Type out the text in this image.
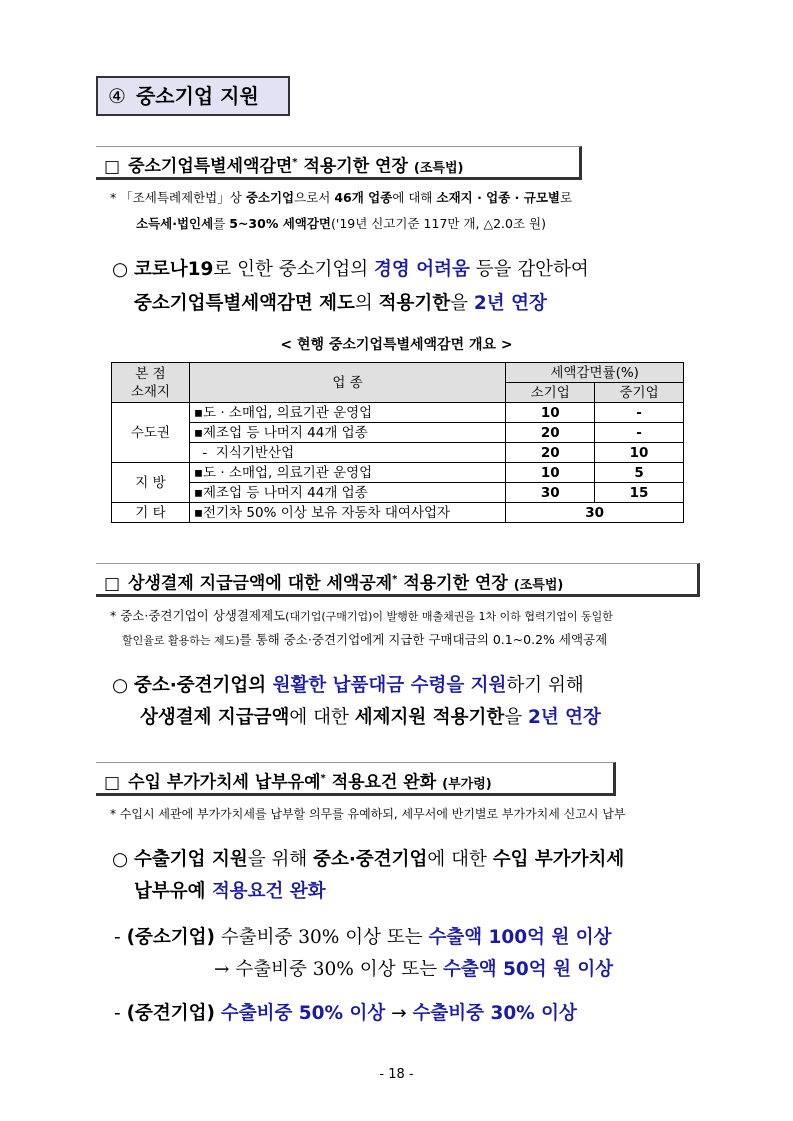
④ 중소기업 지원
□ 중소기업특별세액감면* 적용기한 연장 (조특법)
* 「조세특례제한법」상 중소기업으로서 46개 업종에 대해 소재지 · 업종 · 규모별로
소득세·법인세를 5~30% 세액감면('19년 신고기준 117만 개, △2.0조 원)
○ 코로나19로 인한 중소기업의 경영 어려움 등을 감안하여
중소기업특별세액감면 제도의 적용기한을 2년 연장
< 현행 중소기업특별세액감면 개요 >
본 점
소재지	업 종	세액감면률(%)	
		소기업	중기업
수도권	▪도 · 소매업, 의료기관 운영업	10	-
	▪제조업 등 나머지 44개 업종	20	-
	-  지식기반산업	20	10
지 방	▪도 · 소매업, 의료기관 운영업	10	5
	▪제조업 등 나머지 44개 업종	30	15
기 타	▪전기차 50% 이상 보유 자동차 대여사업자	30	
□ 상생결제 지급금액에 대한 세액공제* 적용기한 연장 (조특법)
* 중소·중견기업이 상생결제제도(대기업(구매기업)이 발행한 매출채권을 1차 이하 협력기업이 동일한
할인율로 활용하는 제도)를 통해 중소·중견기업에게 지급한 구매대금의 0.1~0.2% 세액공제
○ 중소·중견기업의 원활한 납품대금 수령을 지원하기 위해
상생결제 지급금액에 대한 세제지원 적용기한을 2년 연장
□ 수입 부가가치세 납부유예* 적용요건 완화 (부가령)
* 수입시 세관에 부가가치세를 납부할 의무를 유예하되, 세무서에 반기별로 부가가치세 신고시 납부
○ 수출기업 지원을 위해 중소·중견기업에 대한 수입 부가가치세
납부유예 적용요건 완화
- (중소기업) 수출비중 30% 이상 또는 수출액 100억 원 이상
→ 수출비중 30% 이상 또는 수출액 50억 원 이상
- (중견기업) 수출비중 50% 이상 → 수출비중 30% 이상
- 18 -
